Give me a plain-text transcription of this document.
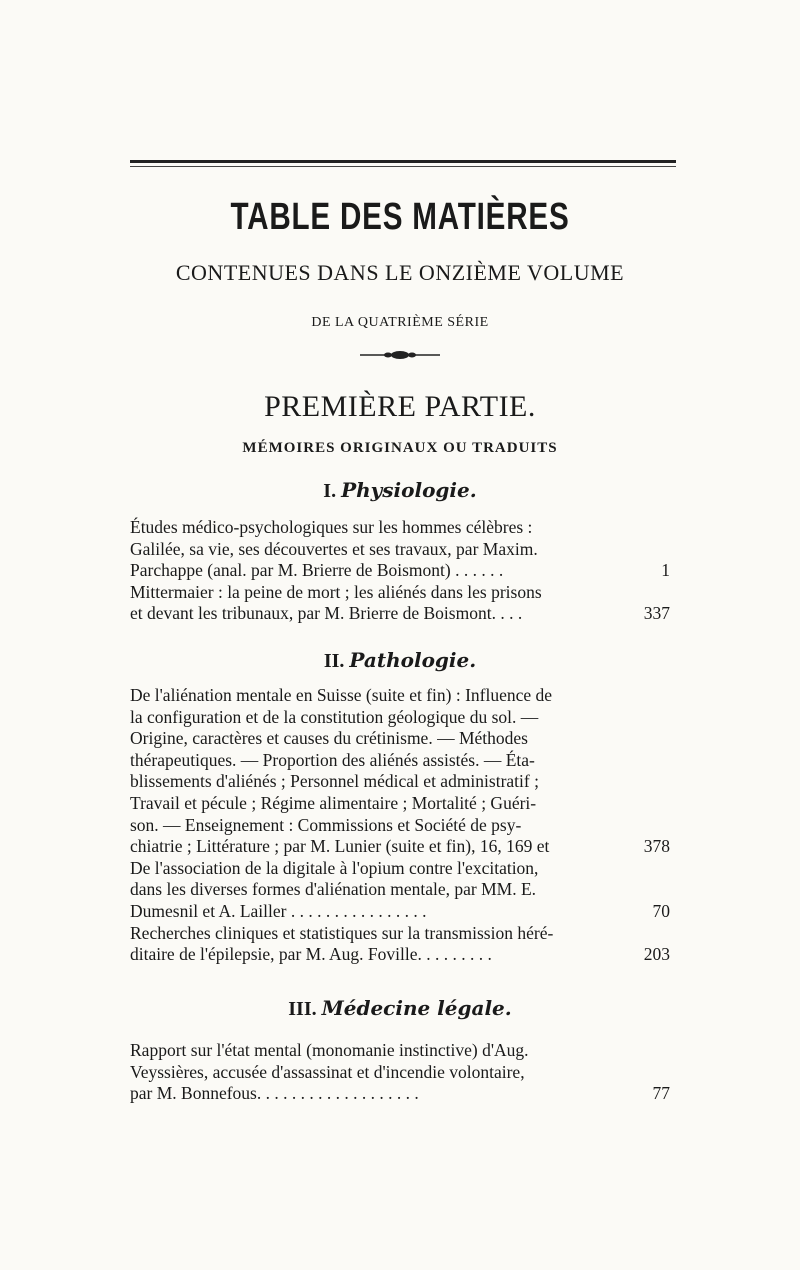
TABLE DES MATIÈRES
CONTENUES DANS LE ONZIÈME VOLUME
DE LA QUATRIÈME SÉRIE
PREMIÈRE PARTIE.
MÉMOIRES ORIGINAUX OU TRADUITS
I. Physiologie.
Études médico-psychologiques sur les hommes célèbres :
Galilée, sa vie, ses découvertes et ses travaux, par Maxim.
Parchappe (anal. par M. Brierre de Boismont) . . . . . .	1
Mittermaier : la peine de mort ; les aliénés dans les prisons
et devant les tribunaux, par M. Brierre de Boismont. . . .	337
II. Pathologie.
De l'aliénation mentale en Suisse (suite et fin) : Influence de
la configuration et de la constitution géologique du sol. —
Origine, caractères et causes du crétinisme. — Méthodes
thérapeutiques. — Proportion des aliénés assistés. — Éta-
blissements d'aliénés ; Personnel médical et administratif ;
Travail et pécule ; Régime alimentaire ; Mortalité ; Guéri-
son. — Enseignement : Commissions et Société de psy-
chiatrie ; Littérature ; par M. Lunier (suite et fin), 16, 169 et	378
De l'association de la digitale à l'opium contre l'excitation,
dans les diverses formes d'aliénation mentale, par MM. E.
Dumesnil et A. Lailler . . . . . . . . . . . . . . . .	70
Recherches cliniques et statistiques sur la transmission héré-
ditaire de l'épilepsie, par M. Aug. Foville. . . . . . . . .	203
III. Médecine légale.
Rapport sur l'état mental (monomanie instinctive) d'Aug.
Veyssières, accusée d'assassinat et d'incendie volontaire,
par M. Bonnefous. . . . . . . . . . . . . . . . . . .	77
